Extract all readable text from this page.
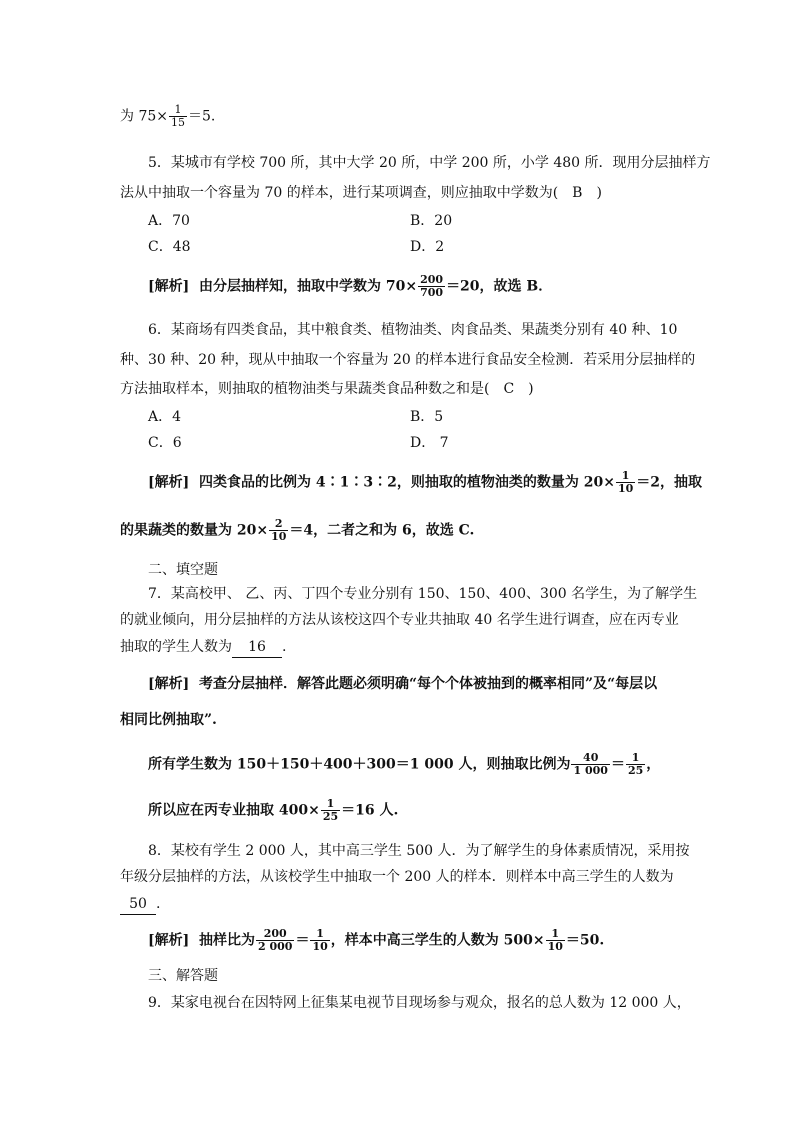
为 $75\times \frac{1}{15} =5$.
5．某城市有学校 700 所，其中大学 20 所，中学 200 所，小学 480 所．现用分层抽样方
法从中抽取一个容量为 70 的样本，进行某项调查，则应抽取中学数为(　B　)
A．70	B．20
C．48	D．2
[解析] 由分层抽样知，抽取中学数为 $70\times \frac{200}{700} =20$，故选 B．
6．某商场有四类食品，其中粮食类、植物油类、肉食品类、果蔬类分别有 40 种、10
种、30 种、20 种，现从中抽取一个容量为 20 的样本进行食品安全检测．若采用分层抽样的
方法抽取样本，则抽取的植物油类与果蔬类食品种数之和是(　C　)
A．4	B．5
C．6	D． 7
[解析] 四类食品的比例为 4∶1∶3∶2，则抽取的植物油类的数量为 $20\times \frac{1}{10} =2$，抽取
的果蔬类的数量为 $20\times \frac{2}{10} =4$，二者之和为 6，故选 C.
二、填空题
7．某高校甲、 乙、丙、丁四个专业分别有 150、150、400、300 名学生，为了解学生
的就业倾向，用分层抽样的方法从该校这四个专业共抽取 40 名学生进行调查，应在丙专业
抽取的学生人数为 16 .
[解析] 考查分层抽样．解答此题必须明确“每个个体被抽到的概率相同”及“每层以
相同比例抽取”.
所有学生数为 150＋150＋400＋300＝1 000 人，则抽取比例为 $\frac{40}{1 000} = \frac{1}{25}$ ，
所以应在丙专业抽取 $400\times \frac{1}{25} =16$ 人.
8．某校有学生 2 000 人，其中高三学生 500 人．为了解学生的身体素质情况，采用按
年级分层抽样的方法，从该校学生中抽取一个 200 人的样本．则样本中高三学生的人数为
50 .
[解析] 抽样比为 $\frac{200}{2 000} = \frac{1}{10}$ ，样本中高三学生的人数为 $500\times \frac{1}{10} =50$.
三、解答题
9．某家电视台在因特网上征集某电视节目现场参与观众，报名的总人数为 12 000 人，
